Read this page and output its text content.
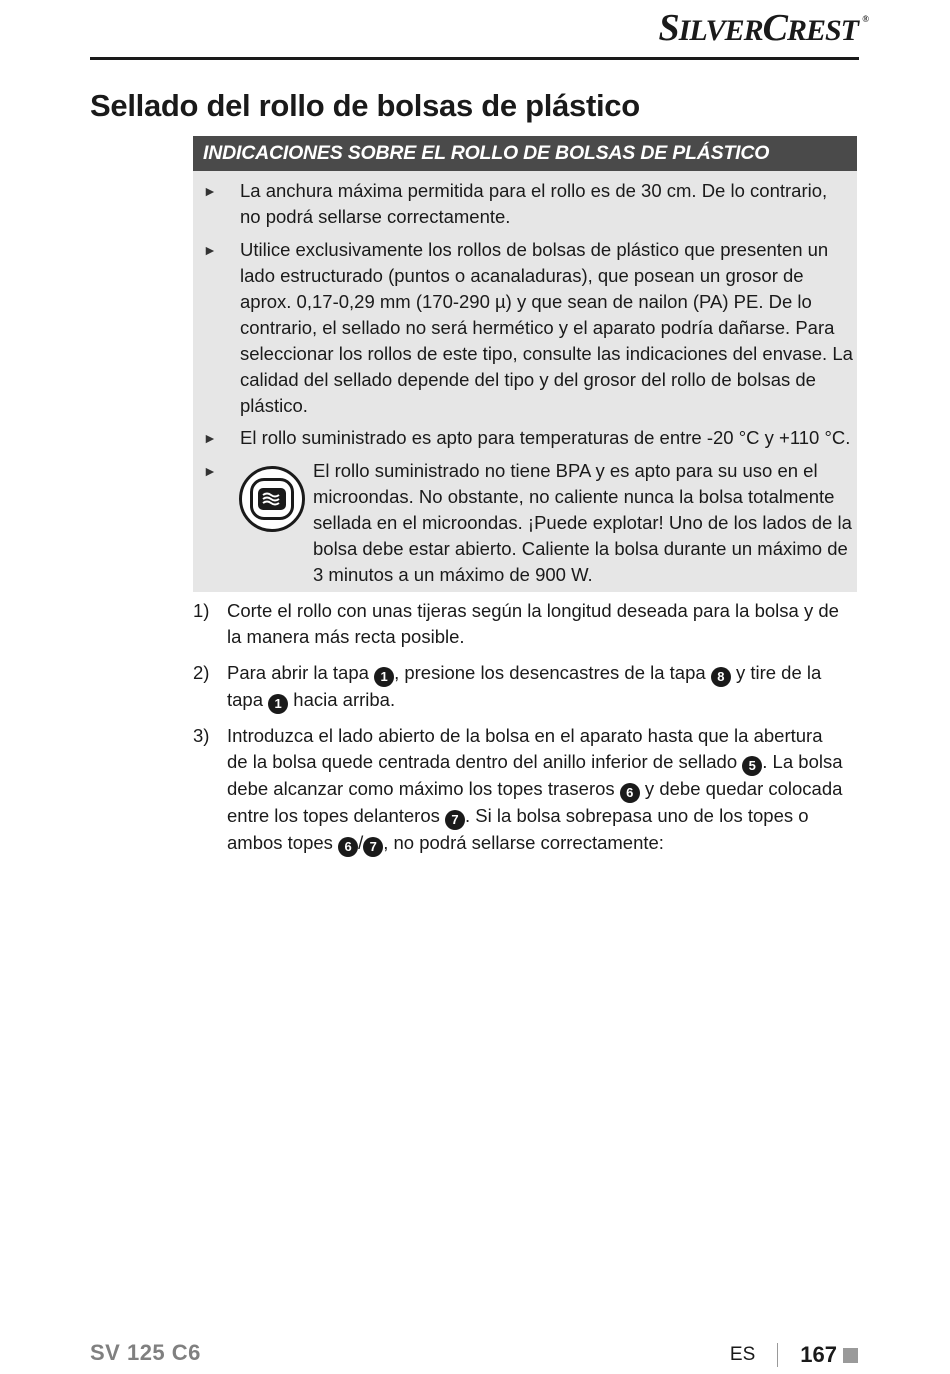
SILVERCREST ®
Sellado del rollo de bolsas de plástico
INDICACIONES SOBRE EL ROLLO DE BOLSAS DE PLÁSTICO
► La anchura máxima permitida para el rollo es de 30 cm. De lo contrario,
no podrá sellarse correctamente.
► Utilice exclusivamente los rollos de bolsas de plástico que presenten un
lado estructurado (puntos o acanaladuras), que posean un grosor de
aprox. 0,17-0,29 mm (170-290 µ) y que sean de nailon (PA) PE. De lo
contrario, el sellado no será hermético y el aparato podría dañarse. Para
seleccionar los rollos de este tipo, consulte las indicaciones del envase. La
calidad del sellado depende del tipo y del grosor del rollo de bolsas de
plástico.
► El rollo suministrado es apto para temperaturas de entre -20 °C y +110 °C.
►	El rollo suministrado no tiene BPA y es apto para su uso en el
microondas. No obstante, no caliente nunca la bolsa totalmente
sellada en el microondas. ¡Puede explotar! Uno de los lados de la
bolsa debe estar abierto. Caliente la bolsa durante un máximo de
3 minutos a un máximo de 900 W.
1) Corte el rollo con unas tijeras según la longitud deseada para la bolsa y de
la manera más recta posible.
2) Para abrir la tapa 1 , presione los desencastres de la tapa 8 y tire de la
tapa 1 hacia arriba.
3) Introduzca el lado abierto de la bolsa en el aparato hasta que la abertura
de la bolsa quede centrada dentro del anillo inferior de sellado 5 . La bolsa
debe alcanzar como máximo los topes traseros 6 y debe quedar colocada
entre los topes delanteros 7 . Si la bolsa sobrepasa uno de los topes o
ambos topes 6 / 7 , no podrá sellarse correctamente:
SV 125 C6	ES 167
